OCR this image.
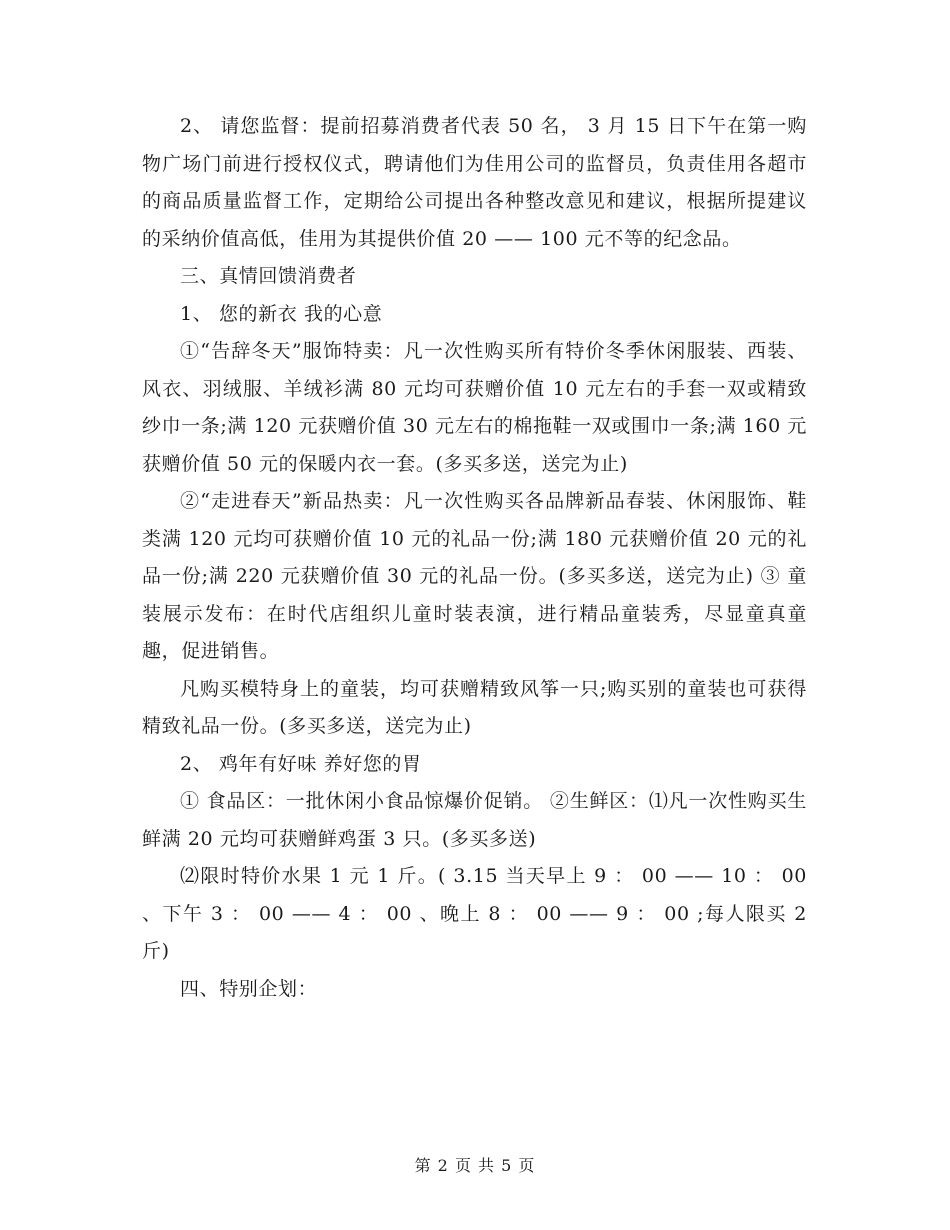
2、 请您监督：提前招募消费者代表 50 名， 3 月 15 日下午在第一购物广场门前进行授权仪式，聘请他们为佳用公司的监督员，负责佳用各超市的商品质量监督工作，定期给公司提出各种整改意见和建议，根据所提建议的采纳价值高低，佳用为其提供价值 20 —— 100 元不等的纪念品。

三、真情回馈消费者

1、 您的新衣 我的心意

①“告辞冬天”服饰特卖：凡一次性购买所有特价冬季休闲服装、西装、风衣、羽绒服、羊绒衫满 80 元均可获赠价值 10 元左右的手套一双或精致纱巾一条;满 120 元获赠价值 30 元左右的棉拖鞋一双或围巾一条;满 160 元获赠价值 50 元的保暖内衣一套。(多买多送，送完为止)

②“走进春天”新品热卖：凡一次性购买各品牌新品春装、休闲服饰、鞋类满 120 元均可获赠价值 10 元的礼品一份;满 180 元获赠价值 20 元的礼品一份;满 220 元获赠价值 30 元的礼品一份。(多买多送，送完为止) ③ 童装展示发布：在时代店组织儿童时装表演，进行精品童装秀，尽显童真童趣，促进销售。

凡购买模特身上的童装，均可获赠精致风筝一只;购买别的童装也可获得精致礼品一份。(多买多送，送完为止)

2、 鸡年有好味 养好您的胃

① 食品区：一批休闲小食品惊爆价促销。 ②生鲜区：⑴凡一次性购买生鲜满 20 元均可获赠鲜鸡蛋 3 只。(多买多送)

⑵限时特价水果 1 元 1 斤。( 3.15 当天早上 9 ： 00 —— 10 ： 00 、下午 3 ： 00 —— 4 ： 00 、晚上 8 ： 00 —— 9 ： 00 ;每人限买 2 斤)

四、特别企划：

第 2 页 共 5 页
